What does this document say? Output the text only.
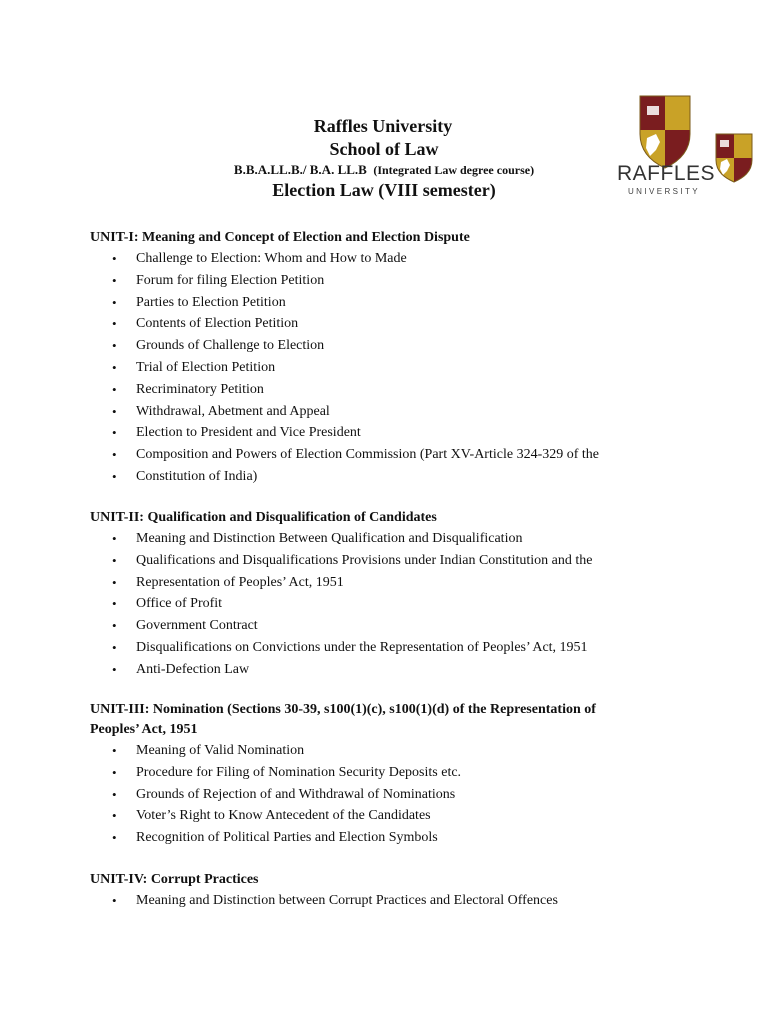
Raffles University
School of Law
B.B.A.LL.B./ B.A. LL.B (Integrated Law degree course)
Election Law (VIII semester)
RAFFLES
UNIVERSITY
UNIT-I: Meaning and Concept of Election and Election Dispute
• Challenge to Election: Whom and How to Made
• Forum for filing Election Petition
• Parties to Election Petition
• Contents of Election Petition
• Grounds of Challenge to Election
• Trial of Election Petition
• Recriminatory Petition
• Withdrawal, Abetment and Appeal
• Election to President and Vice President
• Composition and Powers of Election Commission (Part XV-Article 324-329 of the
• Constitution of India)
UNIT-II: Qualification and Disqualification of Candidates
• Meaning and Distinction Between Qualification and Disqualification
• Qualifications and Disqualifications Provisions under Indian Constitution and the
• Representation of Peoples’ Act, 1951
• Office of Profit
• Government Contract
• Disqualifications on Convictions under the Representation of Peoples’ Act, 1951
• Anti-Defection Law
UNIT-III: Nomination (Sections 30-39, s100(1)(c), s100(1)(d) of the Representation of
Peoples’ Act, 1951
• Meaning of Valid Nomination
• Procedure for Filing of Nomination Security Deposits etc.
• Grounds of Rejection of and Withdrawal of Nominations
• Voter’s Right to Know Antecedent of the Candidates
• Recognition of Political Parties and Election Symbols
UNIT-IV: Corrupt Practices
• Meaning and Distinction between Corrupt Practices and Electoral Offences
